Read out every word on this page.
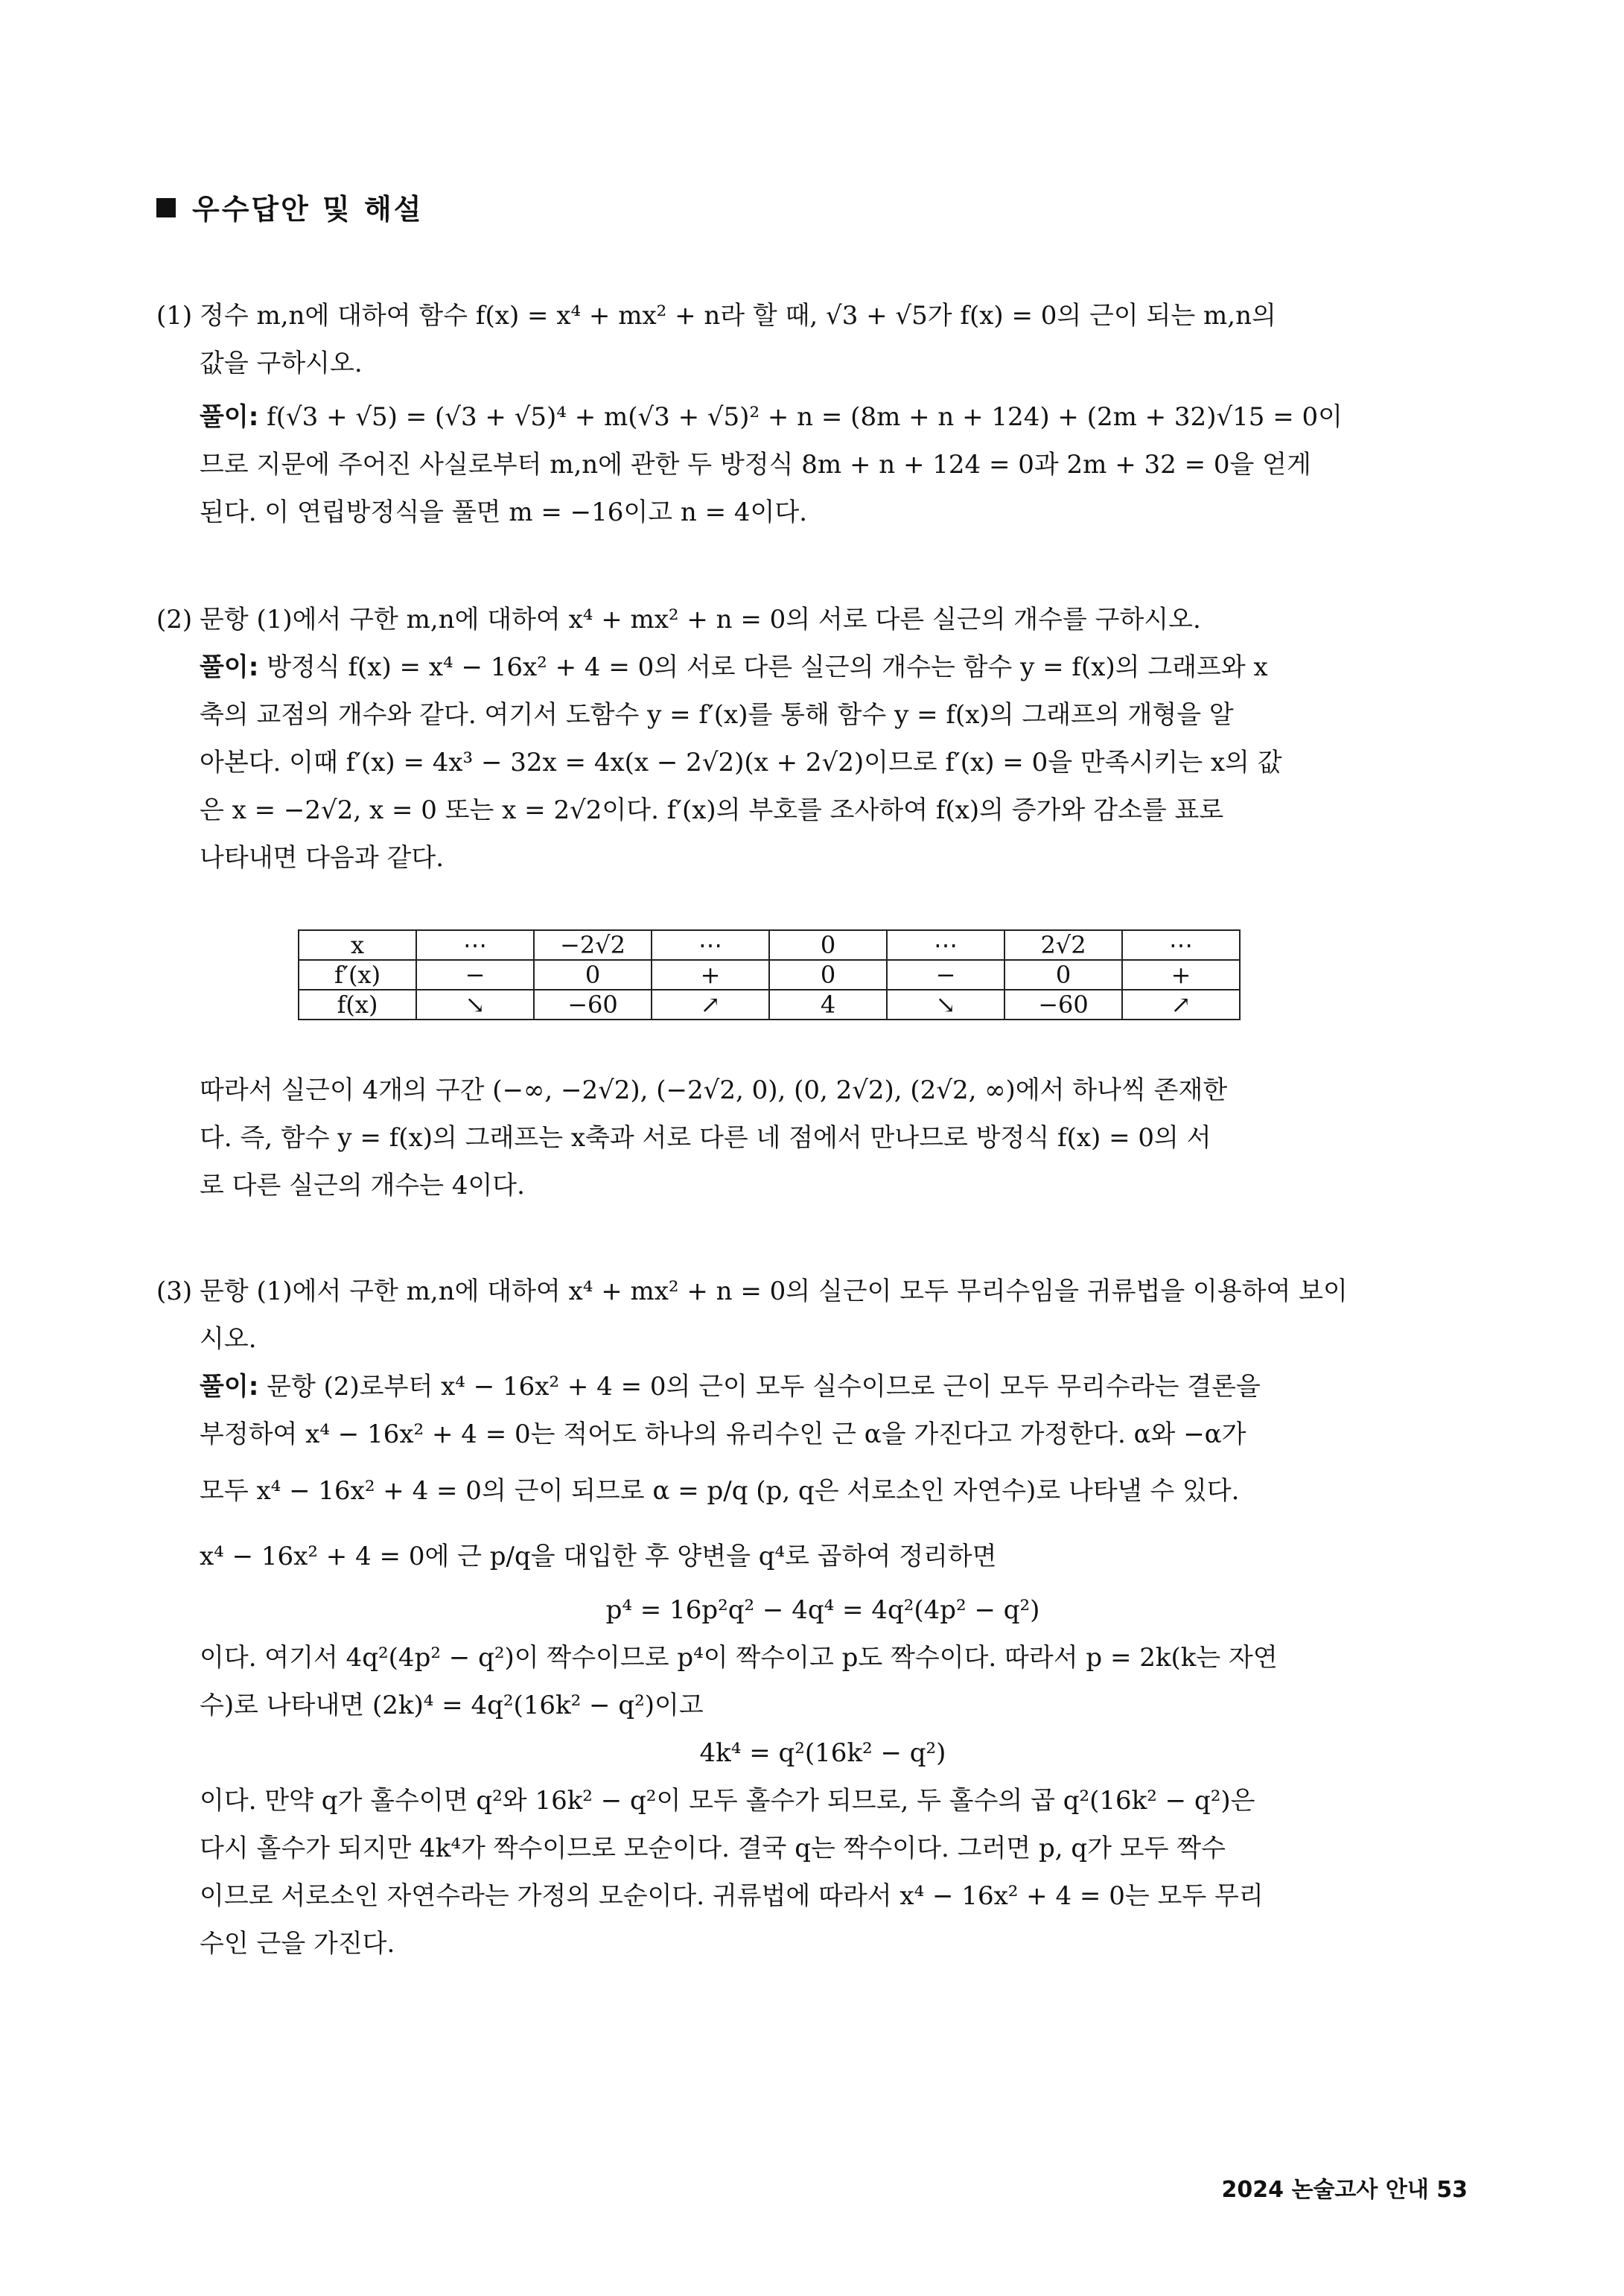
우수답안 및 해설
(1) 정수 m,n에 대하여 함수 f(x) = x⁴ + mx² + n라 할 때, √3 + √5가 f(x) = 0의 근이 되는 m,n의
값을 구하시오.
풀이: f(√3 + √5) = (√3 + √5)⁴ + m(√3 + √5)² + n = (8m + n + 124) + (2m + 32)√15 = 0이
므로 지문에 주어진 사실로부터 m,n에 관한 두 방정식 8m + n + 124 = 0과 2m + 32 = 0을 얻게
된다. 이 연립방정식을 풀면 m = −16이고 n = 4이다.
(2) 문항 (1)에서 구한 m,n에 대하여 x⁴ + mx² + n = 0의 서로 다른 실근의 개수를 구하시오.
풀이: 방정식 f(x) = x⁴ − 16x² + 4 = 0의 서로 다른 실근의 개수는 함수 y = f(x)의 그래프와 x
축의 교점의 개수와 같다. 여기서 도함수 y = f′(x)를 통해 함수 y = f(x)의 그래프의 개형을 알
아본다. 이때 f′(x) = 4x³ − 32x = 4x(x − 2√2)(x + 2√2)이므로 f′(x) = 0을 만족시키는 x의 값
은 x = −2√2, x = 0 또는 x = 2√2이다. f′(x)의 부호를 조사하여 f(x)의 증가와 감소를 표로
나타내면 다음과 같다.
x	⋯	−2√2	⋯	0	⋯	2√2	⋯
f′(x)	−	0	+	0	−	0	+
f(x)	↘	−60	↗	4	↘	−60	↗
따라서 실근이 4개의 구간 (−∞, −2√2), (−2√2, 0), (0, 2√2), (2√2, ∞)에서 하나씩 존재한
다. 즉, 함수 y = f(x)의 그래프는 x축과 서로 다른 네 점에서 만나므로 방정식 f(x) = 0의 서
로 다른 실근의 개수는 4이다.
(3) 문항 (1)에서 구한 m,n에 대하여 x⁴ + mx² + n = 0의 실근이 모두 무리수임을 귀류법을 이용하여 보이
시오.
풀이: 문항 (2)로부터 x⁴ − 16x² + 4 = 0의 근이 모두 실수이므로 근이 모두 무리수라는 결론을
부정하여 x⁴ − 16x² + 4 = 0는 적어도 하나의 유리수인 근 α을 가진다고 가정한다. α와 −α가
모두 x⁴ − 16x² + 4 = 0의 근이 되므로 α = p/q (p, q은 서로소인 자연수)로 나타낼 수 있다.
x⁴ − 16x² + 4 = 0에 근 p/q을 대입한 후 양변을 q⁴로 곱하여 정리하면
p⁴ = 16p²q² − 4q⁴ = 4q²(4p² − q²)
이다. 여기서 4q²(4p² − q²)이 짝수이므로 p⁴이 짝수이고 p도 짝수이다. 따라서 p = 2k(k는 자연
수)로 나타내면 (2k)⁴ = 4q²(16k² − q²)이고
4k⁴ = q²(16k² − q²)
이다. 만약 q가 홀수이면 q²와 16k² − q²이 모두 홀수가 되므로, 두 홀수의 곱 q²(16k² − q²)은
다시 홀수가 되지만 4k⁴가 짝수이므로 모순이다. 결국 q는 짝수이다. 그러면 p, q가 모두 짝수
이므로 서로소인 자연수라는 가정의 모순이다. 귀류법에 따라서 x⁴ − 16x² + 4 = 0는 모두 무리
수인 근을 가진다.
2024 논술고사 안내 53
